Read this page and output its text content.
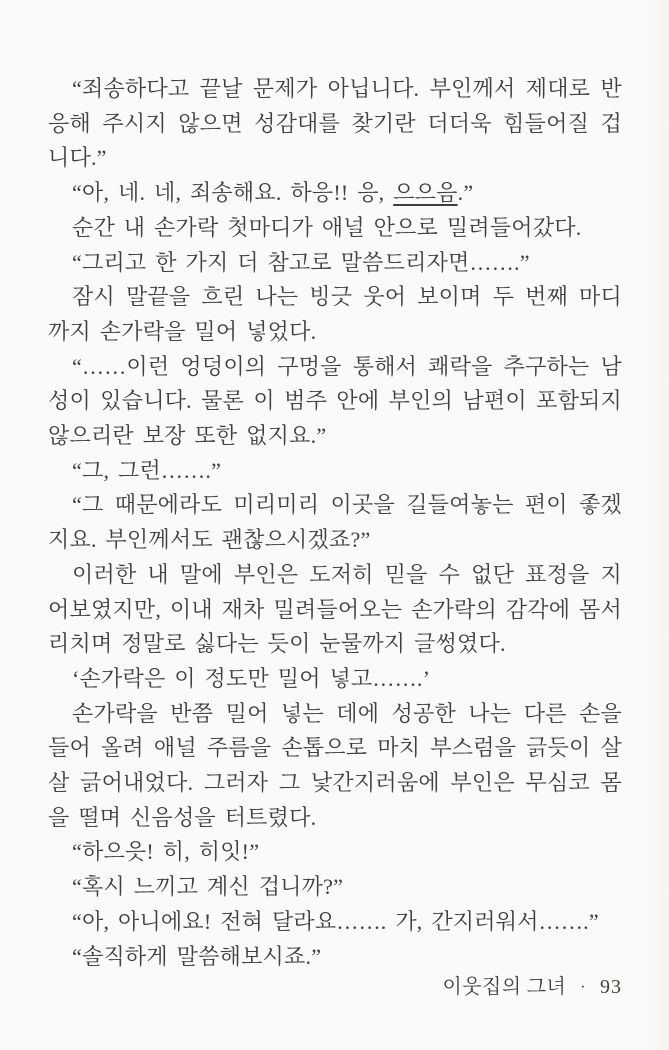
“죄송하다고 끝날 문제가 아닙니다. 부인께서 제대로 반응해 주시지 않으면 성감대를 찾기란 더더욱 힘들어질 겁니다.”

“아, 네. 네, 죄송해요. 하응!! 응, 으으음.”

순간 내 손가락 첫마디가 애널 안으로 밀려들어갔다.

“그리고 한 가지 더 참고로 말씀드리자면…….”

잠시 말끝을 흐린 나는 빙긋 웃어 보이며 두 번째 마디까지 손가락을 밀어 넣었다.

“……이런 엉덩이의 구멍을 통해서 쾌락을 추구하는 남성이 있습니다. 물론 이 범주 안에 부인의 남편이 포함되지 않으리란 보장 또한 없지요.”

“그, 그런…….”

“그 때문에라도 미리미리 이곳을 길들여놓는 편이 좋겠지요. 부인께서도 괜찮으시겠죠?”

이러한 내 말에 부인은 도저히 믿을 수 없단 표정을 지어보였지만, 이내 재차 밀려들어오는 손가락의 감각에 몸서리치며 정말로 싫다는 듯이 눈물까지 글썽였다.

‘손가락은 이 정도만 밀어 넣고…….’

손가락을 반쯤 밀어 넣는 데에 성공한 나는 다른 손을 들어 올려 애널 주름을 손톱으로 마치 부스럼을 긁듯이 살살 긁어내었다. 그러자 그 낯간지러움에 부인은 무심코 몸을 떨며 신음성을 터트렸다.

“하으읏! 히, 히잇!”

“혹시 느끼고 계신 겁니까?”

“아, 아니에요! 전혀 달라요……. 가, 간지러워서…….”

“솔직하게 말씀해보시죠.”

이웃집의 그녀 · 93
